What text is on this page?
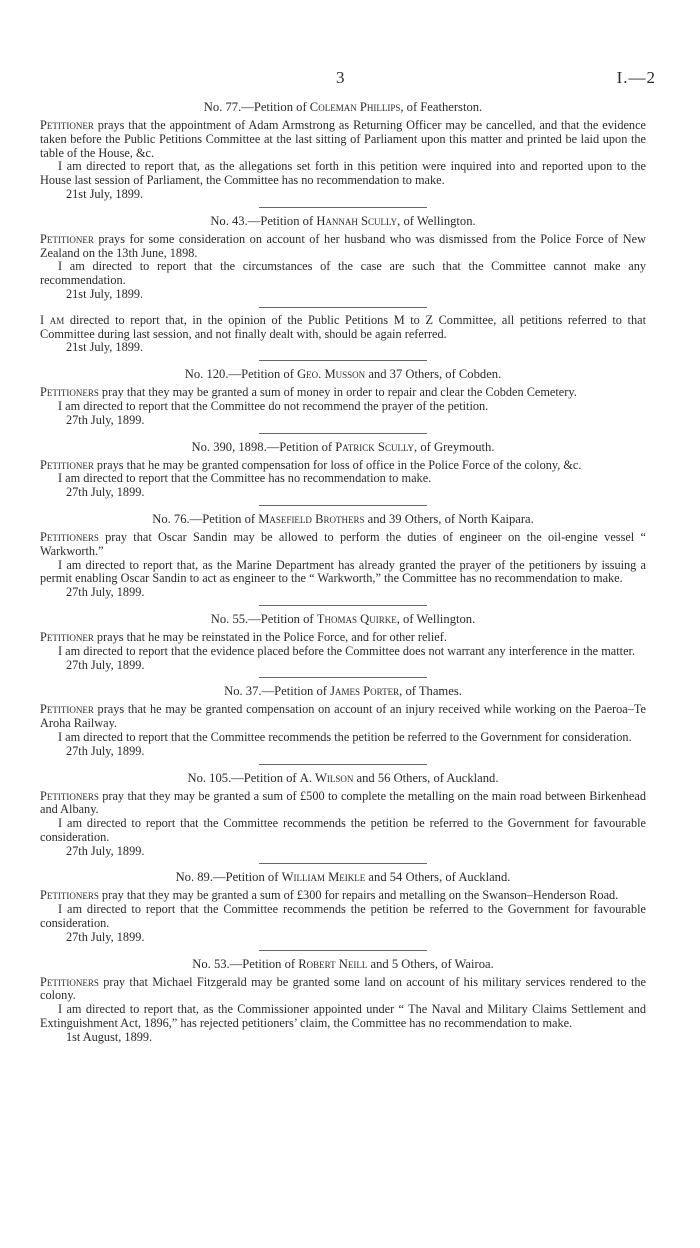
3	I.—2

No. 77.—Petition of Coleman Phillips, of Featherston.

Petitioner prays that the appointment of Adam Armstrong as Returning Officer may be cancelled, and that the evidence taken before the Public Petitions Committee at the last sitting of Parliament upon this matter and printed be laid upon the table of the House, &c.

I am directed to report that, as the allegations set forth in this petition were inquired into and reported upon to the House last session of Parliament, the Committee has no recommendation to make.

21st July, 1899.

No. 43.—Petition of Hannah Scully, of Wellington.

Petitioner prays for some consideration on account of her husband who was dismissed from the Police Force of New Zealand on the 13th June, 1898.

I am directed to report that the circumstances of the case are such that the Committee cannot make any recommendation.

21st July, 1899.

I am directed to report that, in the opinion of the Public Petitions M to Z Committee, all petitions referred to that Committee during last session, and not finally dealt with, should be again referred.

21st July, 1899.

No. 120.—Petition of Geo. Musson and 37 Others, of Cobden.

Petitioners pray that they may be granted a sum of money in order to repair and clear the Cobden Cemetery.

I am directed to report that the Committee do not recommend the prayer of the petition.

27th July, 1899.

No. 390, 1898.—Petition of Patrick Scully, of Greymouth.

Petitioner prays that he may be granted compensation for loss of office in the Police Force of the colony, &c.

I am directed to report that the Committee has no recommendation to make.

27th July, 1899.

No. 76.—Petition of Masefield Brothers and 39 Others, of North Kaipara.

Petitioners pray that Oscar Sandin may be allowed to perform the duties of engineer on the oil-engine vessel “ Warkworth.”

I am directed to report that, as the Marine Department has already granted the prayer of the petitioners by issuing a permit enabling Oscar Sandin to act as engineer to the “ Warkworth,” the Committee has no recommendation to make.

27th July, 1899.

No. 55.—Petition of Thomas Quirke, of Wellington.

Petitioner prays that he may be reinstated in the Police Force, and for other relief.

I am directed to report that the evidence placed before the Committee does not warrant any interference in the matter.

27th July, 1899.

No. 37.—Petition of James Porter, of Thames.

Petitioner prays that he may be granted compensation on account of an injury received while working on the Paeroa–Te Aroha Railway.

I am directed to report that the Committee recommends the petition be referred to the Government for consideration.

27th July, 1899.

No. 105.—Petition of A. Wilson and 56 Others, of Auckland.

Petitioners pray that they may be granted a sum of £500 to complete the metalling on the main road between Birkenhead and Albany.

I am directed to report that the Committee recommends the petition be referred to the Government for favourable consideration.

27th July, 1899.

No. 89.—Petition of William Meikle and 54 Others, of Auckland.

Petitioners pray that they may be granted a sum of £300 for repairs and metalling on the Swanson–Henderson Road.

I am directed to report that the Committee recommends the petition be referred to the Government for favourable consideration.

27th July, 1899.

No. 53.—Petition of Robert Neill and 5 Others, of Wairoa.

Petitioners pray that Michael Fitzgerald may be granted some land on account of his military services rendered to the colony.

I am directed to report that, as the Commissioner appointed under “ The Naval and Military Claims Settlement and Extinguishment Act, 1896,” has rejected petitioners’ claim, the Committee has no recommendation to make.

1st August, 1899.
